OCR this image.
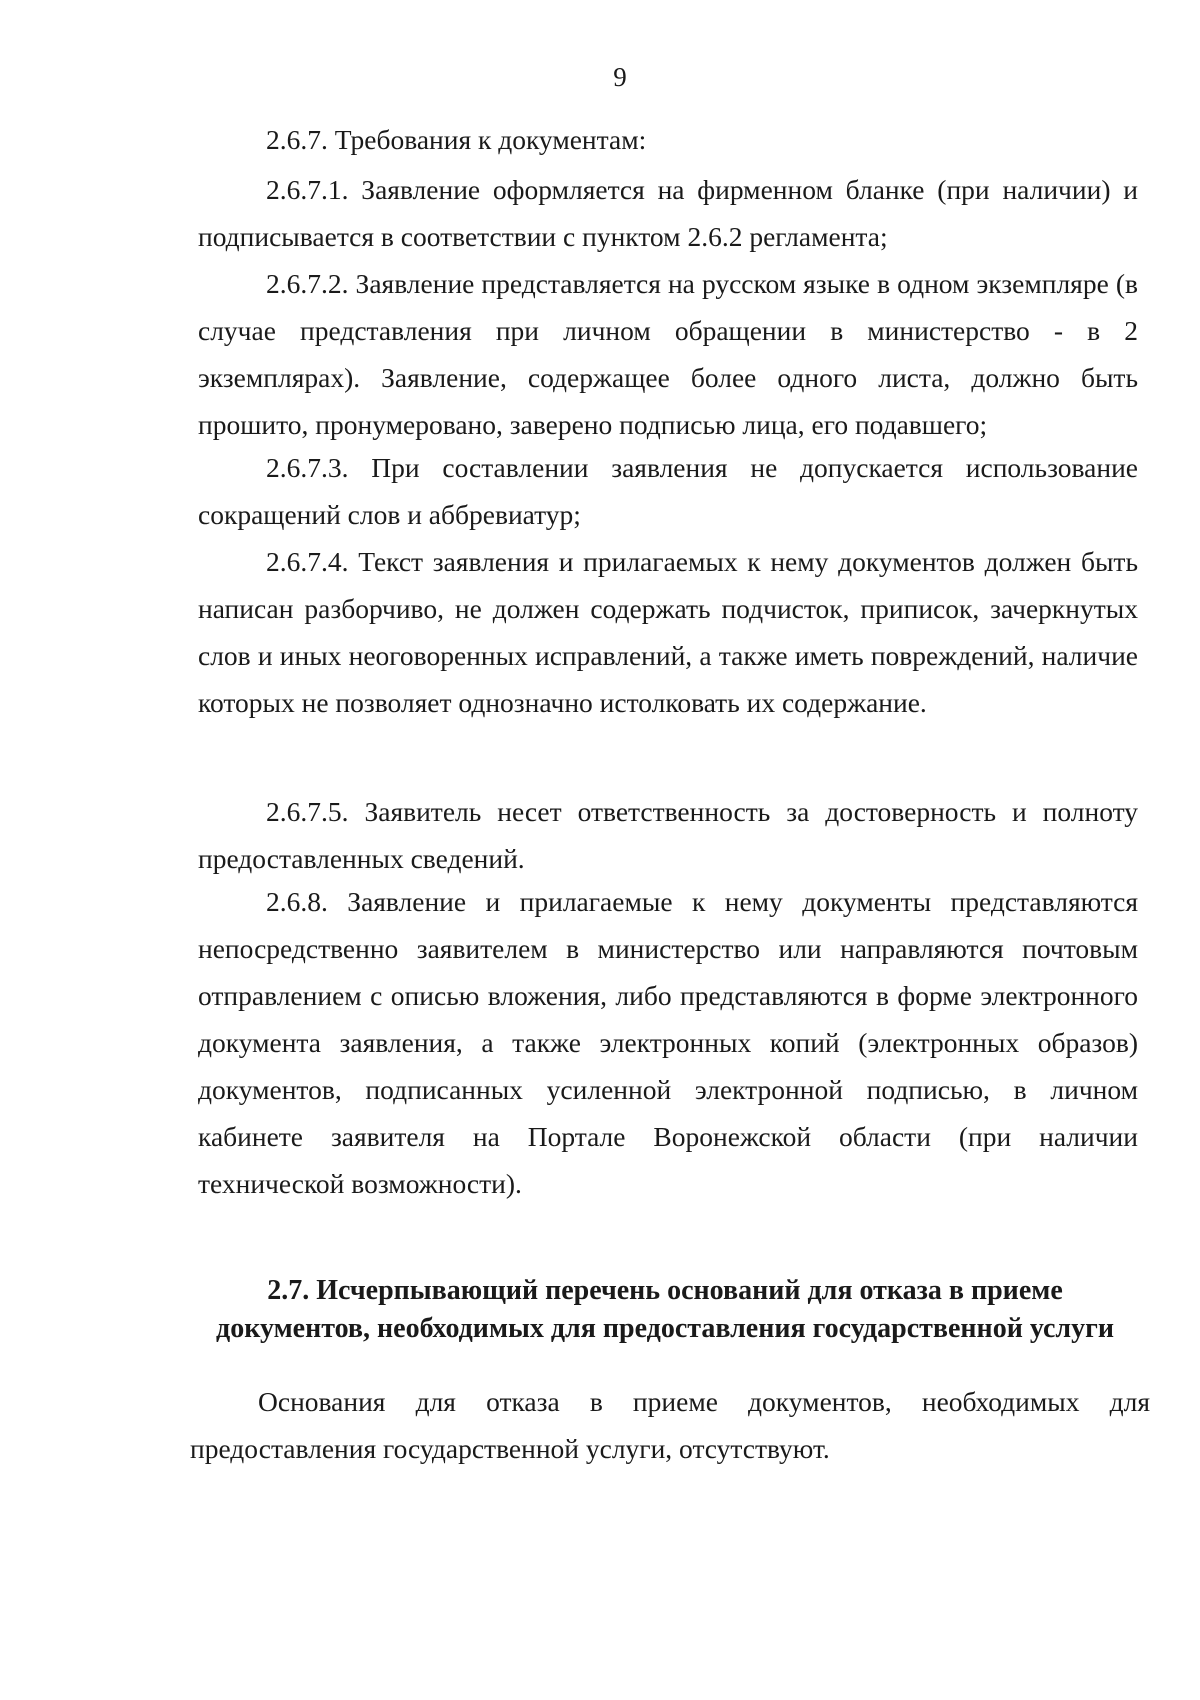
9

2.6.7. Требования к документам:

2.6.7.1. Заявление оформляется на фирменном бланке (при наличии) и подписывается в соответствии с пунктом 2.6.2 регламента;

2.6.7.2. Заявление представляется на русском языке в одном экземпляре (в случае представления при личном обращении в министерство - в 2 экземплярах). Заявление, содержащее более одного листа, должно быть прошито, пронумеровано, заверено подписью лица, его подавшего;

2.6.7.3. При составлении заявления не допускается использование сокращений слов и аббревиатур;

2.6.7.4. Текст заявления и прилагаемых к нему документов должен быть написан разборчиво, не должен содержать подчисток, приписок, зачеркнутых слов и иных неоговоренных исправлений, а также иметь повреждений, наличие которых не позволяет однозначно истолковать их содержание.

2.6.7.5. Заявитель несет ответственность за достоверность и полноту предоставленных сведений.

2.6.8. Заявление и прилагаемые к нему документы представляются непосредственно заявителем в министерство или направляются почтовым отправлением с описью вложения, либо представляются в форме электронного документа заявления, а также электронных копий (электронных образов) документов, подписанных усиленной электронной подписью, в личном кабинете заявителя на Портале Воронежской области (при наличии технической возможности).

2.7. Исчерпывающий перечень оснований для отказа в приеме документов, необходимых для предоставления государственной услуги

Основания для отказа в приеме документов, необходимых для предоставления государственной услуги, отсутствуют.
